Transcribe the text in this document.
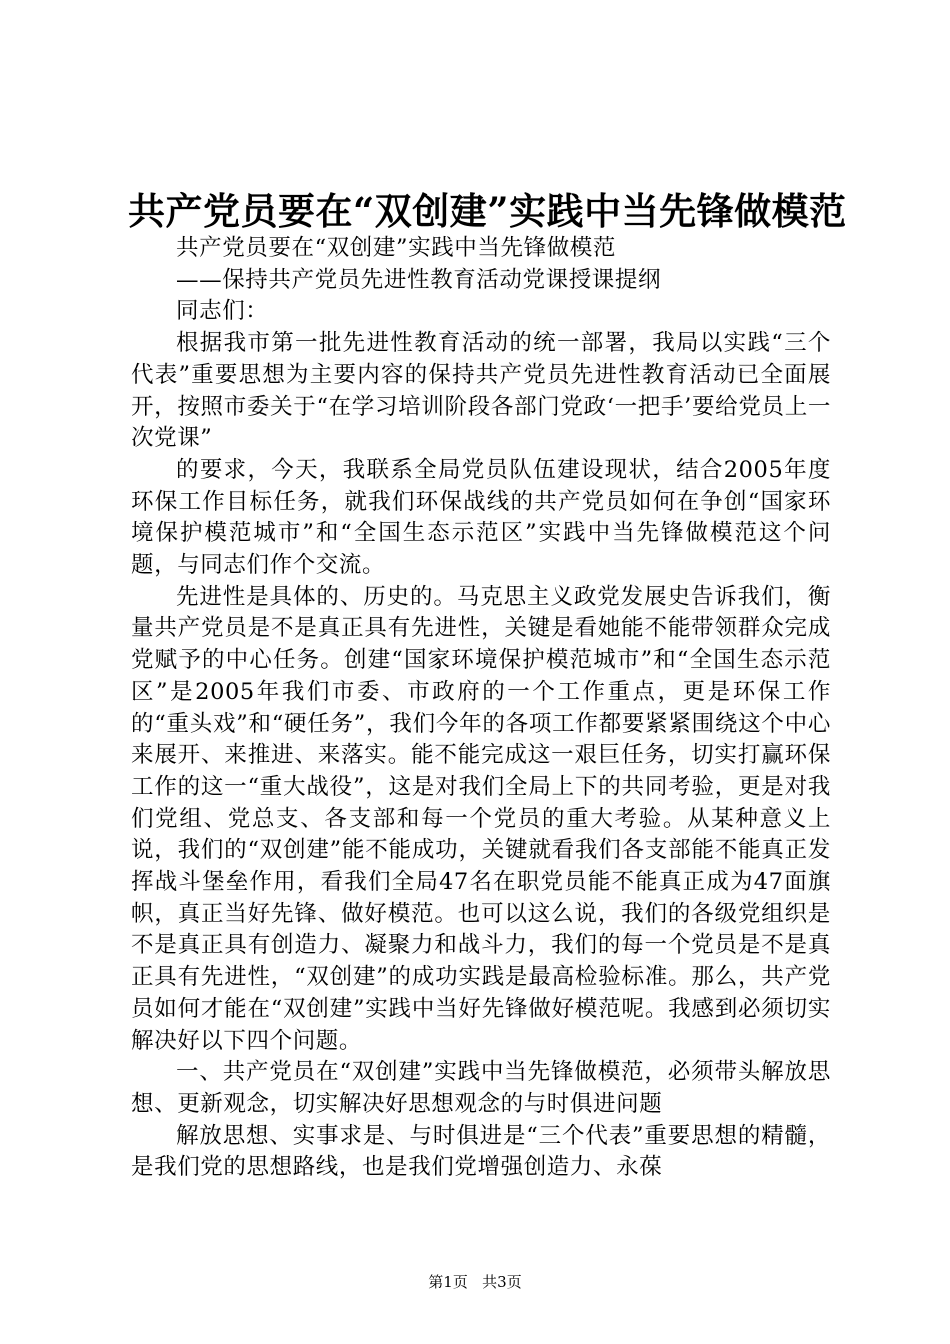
共产党员要在“双创建”实践中当先锋做模范

共产党员要在“双创建”实践中当先锋做模范

——保持共产党员先进性教育活动党课授课提纲

同志们：

根据我市第一批先进性教育活动的统一部署，我局以实践“三个代表”重要思想为主要内容的保持共产党员先进性教育活动已全面展开，按照市委关于“在学习培训阶段各部门党政‘一把手’要给党员上一次党课”

的要求，今天，我联系全局党员队伍建设现状，结合2005年度环保工作目标任务，就我们环保战线的共产党员如何在争创“国家环境保护模范城市”和“全国生态示范区”实践中当先锋做模范这个问题，与同志们作个交流。

先进性是具体的、历史的。马克思主义政党发展史告诉我们，衡量共产党员是不是真正具有先进性，关键是看她能不能带领群众完成党赋予的中心任务。创建“国家环境保护模范城市”和“全国生态示范区”是2005年我们市委、市政府的一个工作重点，更是环保工作的“重头戏”和“硬任务”，我们今年的各项工作都要紧紧围绕这个中心来展开、来推进、来落实。能不能完成这一艰巨任务，切实打赢环保工作的这一“重大战役”，这是对我们全局上下的共同考验，更是对我们党组、党总支、各支部和每一个党员的重大考验。从某种意义上说，我们的“双创建”能不能成功，关键就看我们各支部能不能真正发挥战斗堡垒作用，看我们全局47名在职党员能不能真正成为47面旗帜，真正当好先锋、做好模范。也可以这么说，我们的各级党组织是不是真正具有创造力、凝聚力和战斗力，我们的每一个党员是不是真正具有先进性，“双创建”的成功实践是最高检验标准。那么，共产党员如何才能在“双创建”实践中当好先锋做好模范呢。我感到必须切实解决好以下四个问题。

一、共产党员在“双创建”实践中当先锋做模范，必须带头解放思想、更新观念，切实解决好思想观念的与时俱进问题

解放思想、实事求是、与时俱进是“三个代表”重要思想的精髓，是我们党的思想路线，也是我们党增强创造力、永葆

第1页 共3页
